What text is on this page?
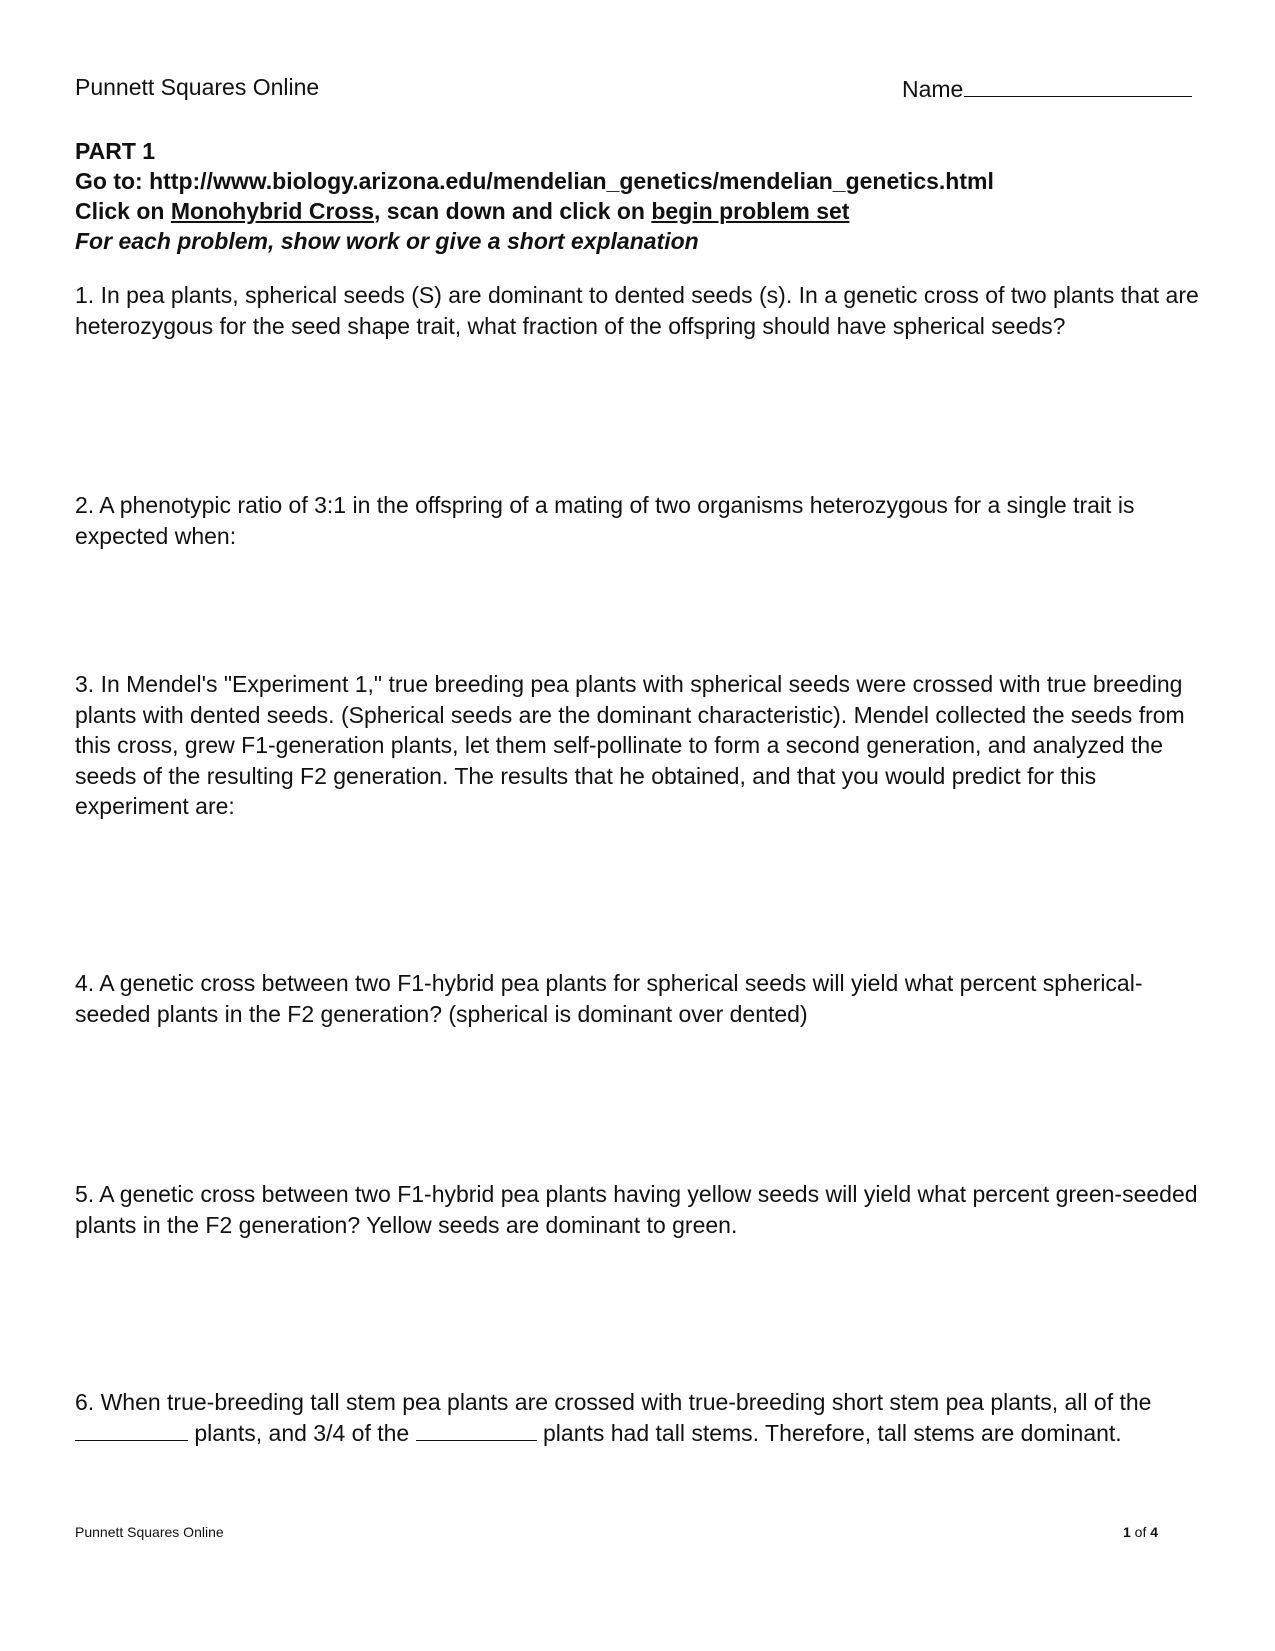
Punnett Squares Online	Name
PART 1
Go to: http://www.biology.arizona.edu/mendelian_genetics/mendelian_genetics.html
Click on Monohybrid Cross, scan down and click on begin problem set
For each problem, show work or give a short explanation
1. In pea plants, spherical seeds (S) are dominant to dented seeds (s). In a genetic cross of two plants that are heterozygous for the seed shape trait, what fraction of the offspring should have spherical seeds?
2. A phenotypic ratio of 3:1 in the offspring of a mating of two organisms heterozygous for a single trait is expected when:
3. In Mendel's "Experiment 1," true breeding pea plants with spherical seeds were crossed with true breeding plants with dented seeds. (Spherical seeds are the dominant characteristic). Mendel collected the seeds from this cross, grew F1-generation plants, let them self-pollinate to form a second generation, and analyzed the seeds of the resulting F2 generation. The results that he obtained, and that you would predict for this experiment are:
4. A genetic cross between two F1-hybrid pea plants for spherical seeds will yield what percent spherical-seeded plants in the F2 generation? (spherical is dominant over dented)
5. A genetic cross between two F1-hybrid pea plants having yellow seeds will yield what percent green-seeded plants in the F2 generation? Yellow seeds are dominant to green.
6. When true-breeding tall stem pea plants are crossed with true-breeding short stem pea plants, all of the
plants, and 3/4 of the	plants had tall stems. Therefore, tall stems are dominant.
Punnett Squares Online	1 of 4
